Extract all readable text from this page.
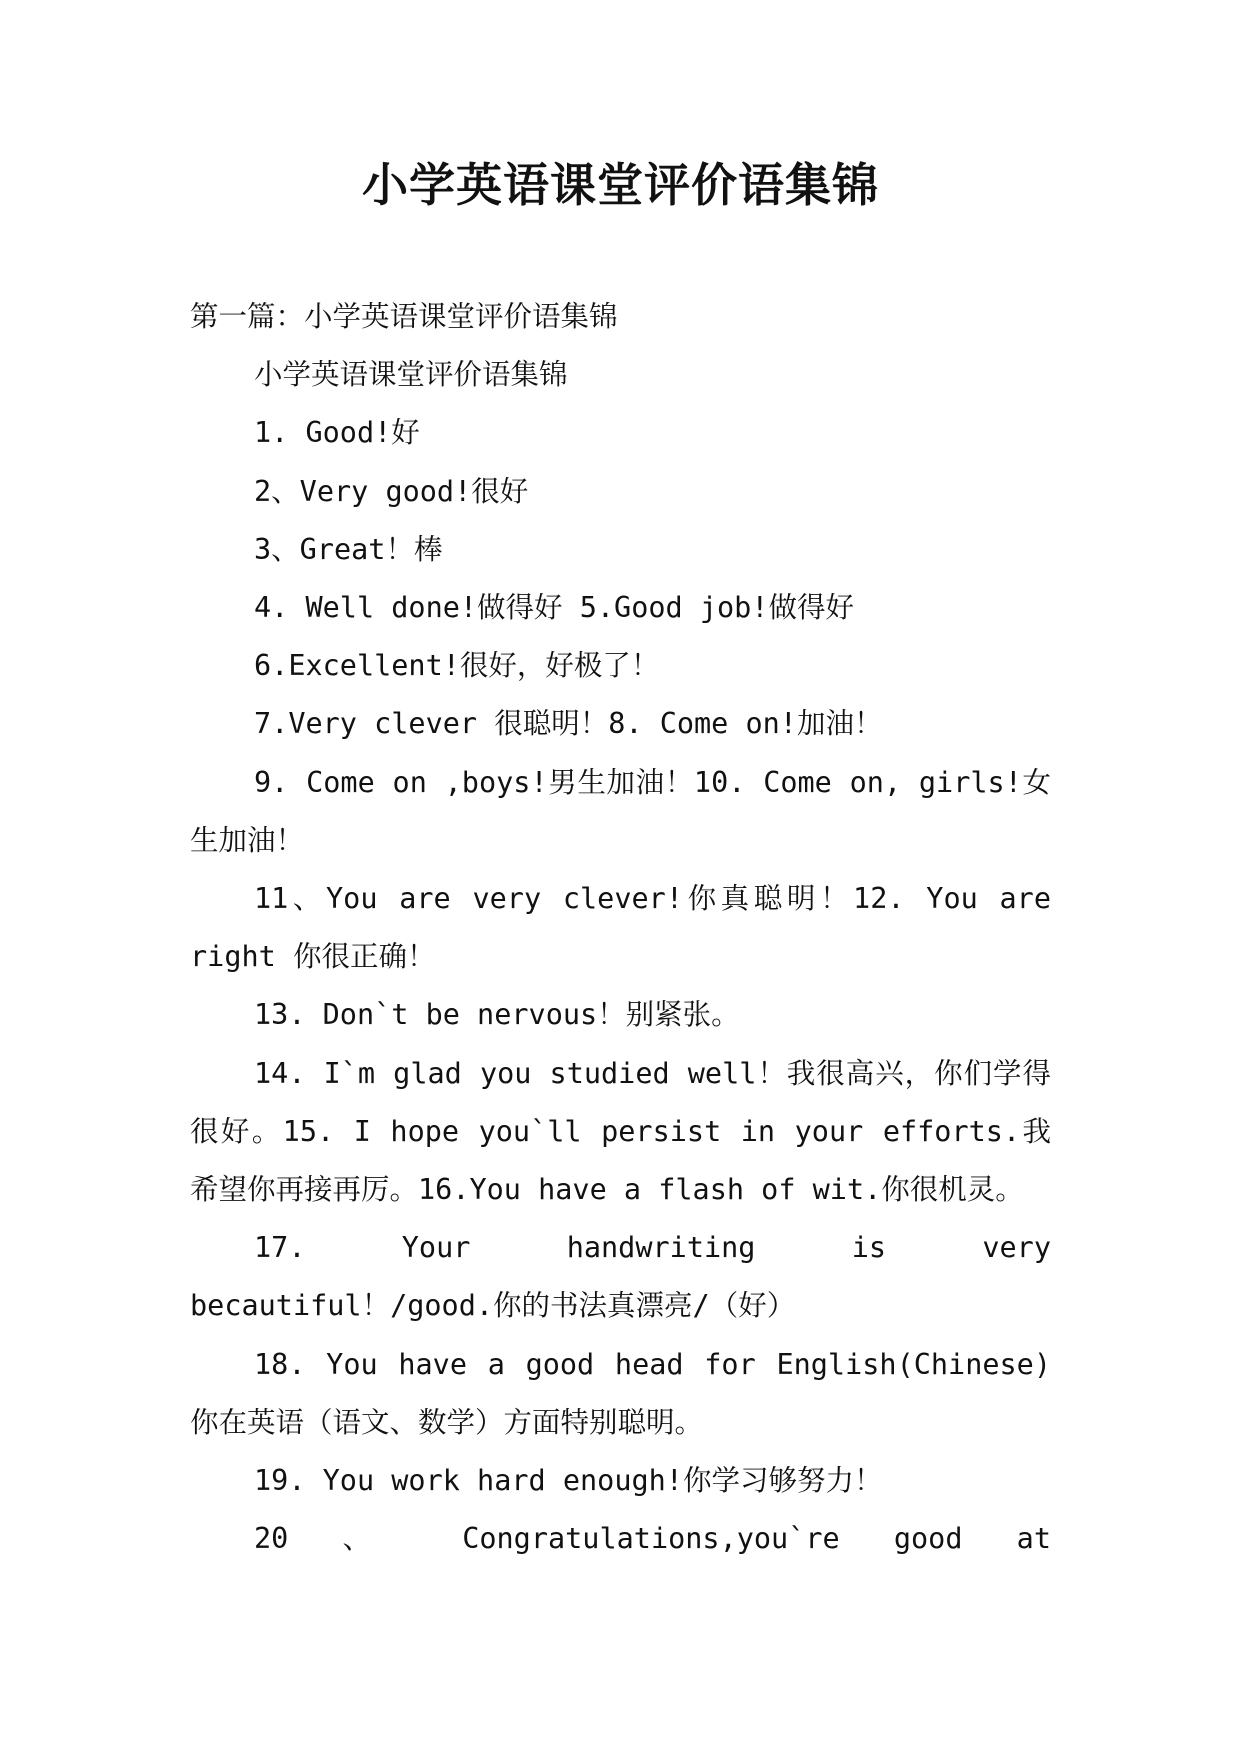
小学英语课堂评价语集锦

第一篇：小学英语课堂评价语集锦

小学英语课堂评价语集锦

1. Good!好

2、Very good!很好

3、Great！棒

4. Well done!做得好 5.Good job!做得好

6.Excellent!很好，好极了！

7.Very clever 很聪明！8. Come on!加油！

9. Come on ,boys!男生加油！10. Come on, girls!女生加油！

11、You are very clever!你真聪明！12. You are right 你很正确！

13. Don`t be nervous！别紧张。

14. I`m glad you studied well！我很高兴，你们学得很好。15. I hope you`ll persist in your efforts.我希望你再接再厉。16.You have a flash of wit.你很机灵。

17. Your handwriting is very becautiful！/good.你的书法真漂亮/（好）

18. You have a good head for English(Chinese)你在英语（语文、数学）方面特别聪明。

19. You work hard enough!你学习够努力！

20 、 Congratulations,you`re good at
